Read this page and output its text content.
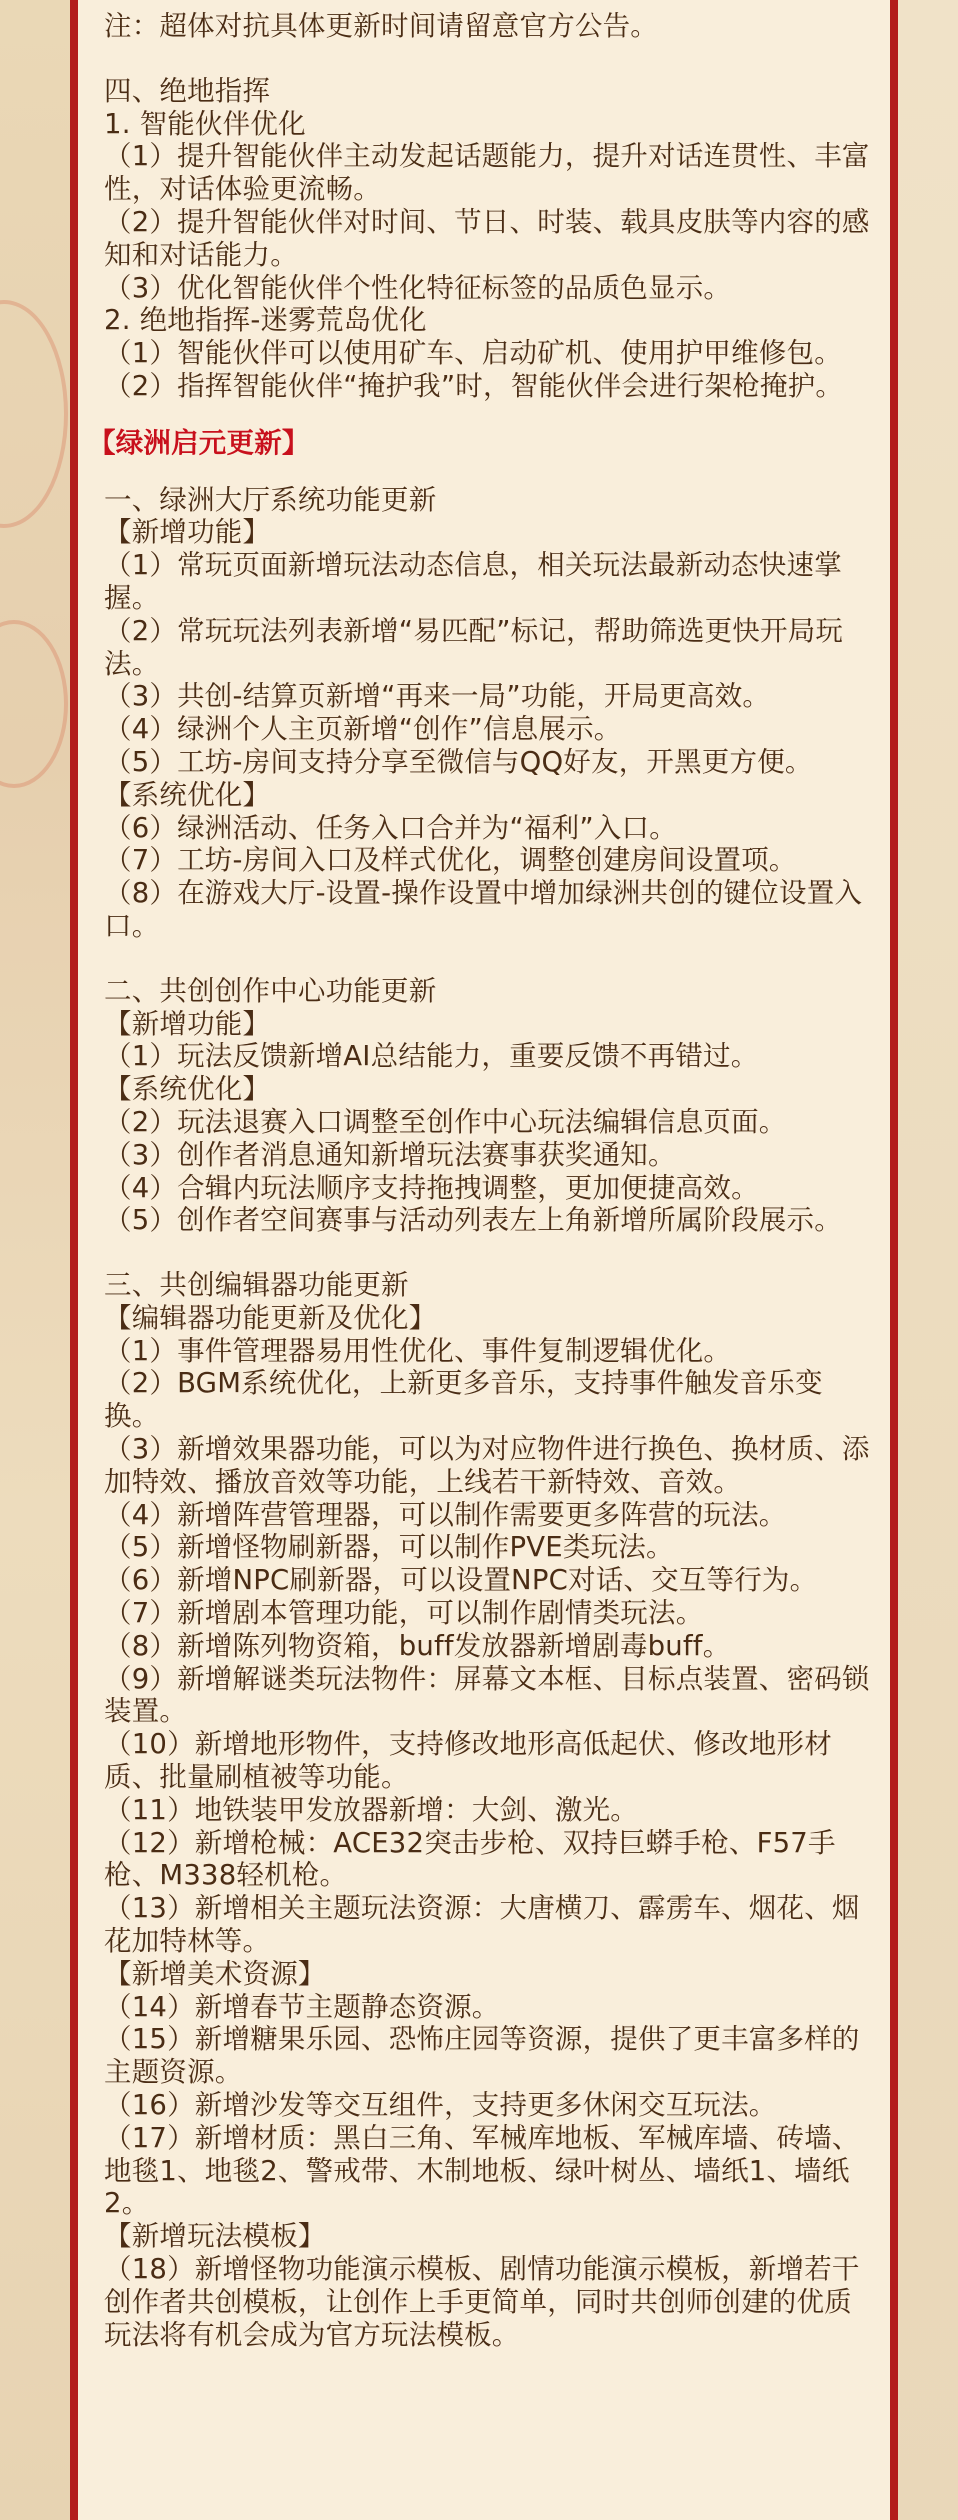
注：超体对抗具体更新时间请留意官方公告。

四、绝地指挥

1. 智能伙伴优化

（1）提升智能伙伴主动发起话题能力，提升对话连贯性、丰富性，对话体验更流畅。

（2）提升智能伙伴对时间、节日、时装、载具皮肤等内容的感知和对话能力。

（3）优化智能伙伴个性化特征标签的品质色显示。

2. 绝地指挥-迷雾荒岛优化

（1）智能伙伴可以使用矿车、启动矿机、使用护甲维修包。

（2）指挥智能伙伴“掩护我”时，智能伙伴会进行架枪掩护。

【绿洲启元更新】

一、绿洲大厅系统功能更新

【新增功能】

（1）常玩页面新增玩法动态信息，相关玩法最新动态快速掌握。

（2）常玩玩法列表新增“易匹配”标记，帮助筛选更快开局玩法。

（3）共创-结算页新增“再来一局”功能，开局更高效。

（4）绿洲个人主页新增“创作”信息展示。

（5）工坊-房间支持分享至微信与QQ好友，开黑更方便。

【系统优化】

（6）绿洲活动、任务入口合并为“福利”入口。

（7）工坊-房间入口及样式优化，调整创建房间设置项。

（8）在游戏大厅-设置-操作设置中增加绿洲共创的键位设置入口。

二、共创创作中心功能更新

【新增功能】

（1）玩法反馈新增AI总结能力，重要反馈不再错过。

【系统优化】

（2）玩法退赛入口调整至创作中心玩法编辑信息页面。

（3）创作者消息通知新增玩法赛事获奖通知。

（4）合辑内玩法顺序支持拖拽调整，更加便捷高效。

（5）创作者空间赛事与活动列表左上角新增所属阶段展示。

三、共创编辑器功能更新

【编辑器功能更新及优化】

（1）事件管理器易用性优化、事件复制逻辑优化。

（2）BGM系统优化，上新更多音乐，支持事件触发音乐变换。

（3）新增效果器功能，可以为对应物件进行换色、换材质、添加特效、播放音效等功能，上线若干新特效、音效。

（4）新增阵营管理器，可以制作需要更多阵营的玩法。

（5）新增怪物刷新器，可以制作PVE类玩法。

（6）新增NPC刷新器，可以设置NPC对话、交互等行为。

（7）新增剧本管理功能，可以制作剧情类玩法。

（8）新增陈列物资箱，buff发放器新增剧毒buff。

（9）新增解谜类玩法物件：屏幕文本框、目标点装置、密码锁装置。

（10）新增地形物件，支持修改地形高低起伏、修改地形材质、批量刷植被等功能。

（11）地铁装甲发放器新增：大剑、激光。

（12）新增枪械：ACE32突击步枪、双持巨蟒手枪、F57手枪、M338轻机枪。

（13）新增相关主题玩法资源：大唐横刀、霹雳车、烟花、烟花加特林等。

【新增美术资源】

（14）新增春节主题静态资源。

（15）新增糖果乐园、恐怖庄园等资源，提供了更丰富多样的主题资源。

（16）新增沙发等交互组件，支持更多休闲交互玩法。

（17）新增材质：黑白三角、军械库地板、军械库墙、砖墙、地毯1、地毯2、警戒带、木制地板、绿叶树丛、墙纸1、墙纸2。

【新增玩法模板】

（18）新增怪物功能演示模板、剧情功能演示模板，新增若干创作者共创模板，让创作上手更简单，同时共创师创建的优质玩法将有机会成为官方玩法模板。
